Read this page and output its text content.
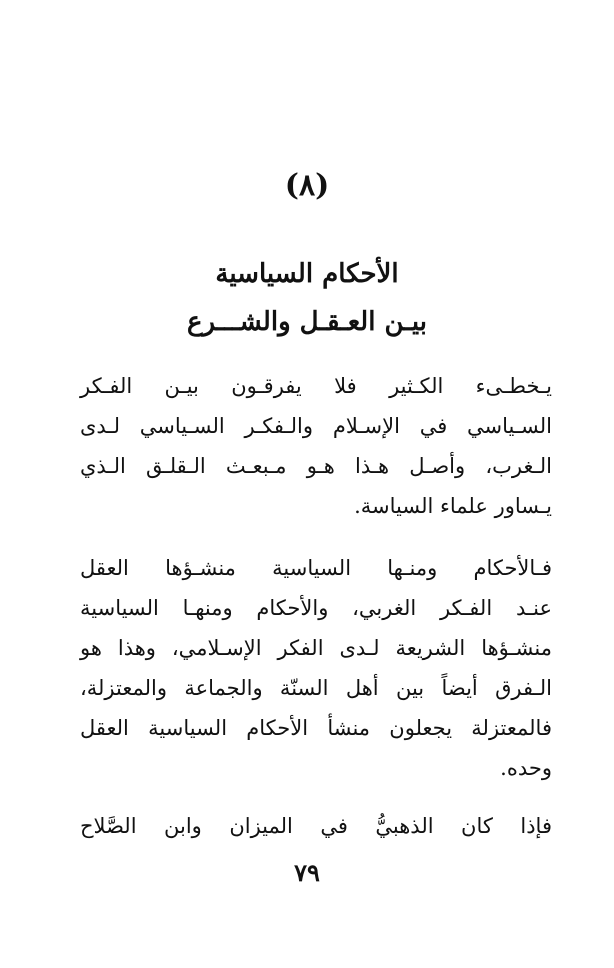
(٨)
الأحكام السياسية
بيـن العـقـل والشـــرع
يـخطـىء الكـثير فلا يفرقـون بيـن الفـكر
السـياسي في الإسـلام والـفكـر السـياسي لـدى
الـغرب، وأصـل هـذا هـو مـبعـث الـقلـق الـذي
يـساور علماء السياسة.
فـالأحكام ومنـها السياسية منشـؤها العقل
عنـد الفـكر الغربي، والأحكام ومنهـا السياسية
منشـؤها الشريعة لـدى الفكر الإسـلامي، وهذا هو
الـفرق أيضاً بين أهل السنّة والجماعة والمعتزلة،
فالمعتزلة يجعلون منشأ الأحكام السياسية العقل
وحده.
فإذا كان الذهبيُّ في الميزان وابن الصَّلاح
٧٩
